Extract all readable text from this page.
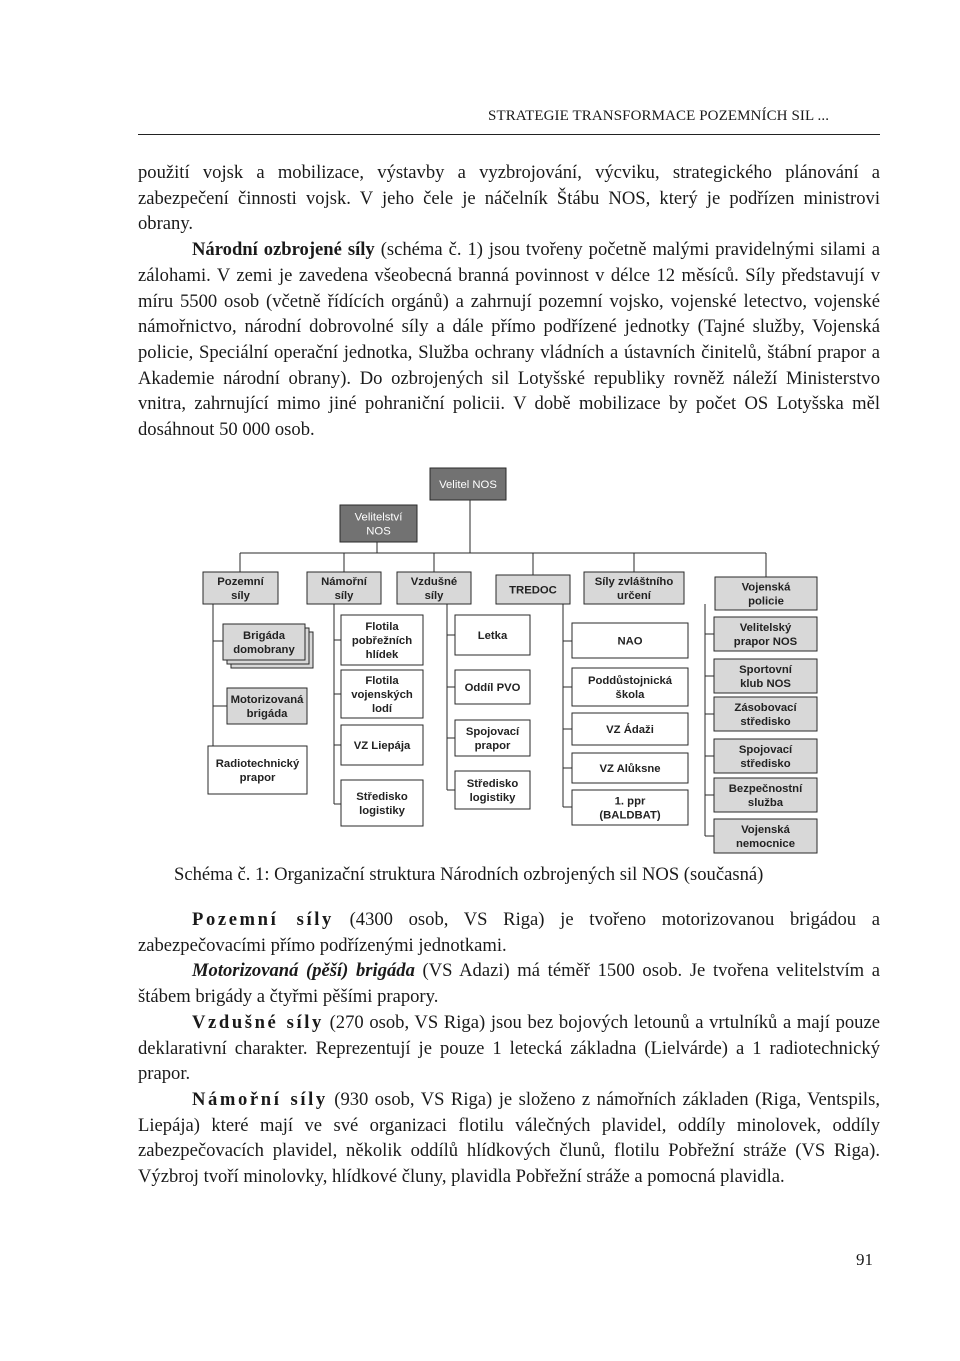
STRATEGIE TRANSFORMACE POZEMNÍCH SIL ...

použití vojsk a mobilizace, výstavby a vyzbrojování, výcviku, strategického plánování a zabezpečení činnosti vojsk. V jeho čele je náčelník Štábu NOS, který je podřízen ministrovi obrany.

Národní ozbrojené síly (schéma č. 1) jsou tvořeny početně malými pravidelnými silami a zálohami. V zemi je zavedena všeobecná branná povinnost v délce 12 měsíců. Síly představují v míru 5500 osob (včetně řídících orgánů) a zahrnují pozemní vojsko, vojenské letectvo, vojenské námořnictvo, národní dobrovolné síly a dále přímo podřízené jednotky (Tajné služby, Vojenská policie, Speciální operační jednotka, Služba ochrany vládních a ústavních činitelů, štábní prapor a Akademie národní obrany). Do ozbrojených sil Lotyšské republiky rovněž náleží Ministerstvo vnitra, zahrnující mimo jiné pohraniční policii. V době mobilizace by počet OS Lotyšska měl dosáhnout 50 000 osob.

Velitel NOS
Velitelství
NOS
Pozemní
síly
Námořní
síly
Vzdušné
síly	TREDOC
Síly zvláštního
určení
Vojenská
policie
Brigáda
domobrany
Motorizovaná
brigáda
Radiotechnický
prapor
Flotila
pobřežních
hlídek
Flotila
vojenských
lodí
VZ Liepája
Středisko
logistiky
Letka
Oddíl PVO
Spojovací
prapor
Středisko
logistiky
NAO
Poddůstojnická
škola
VZ Ádaži
VZ Alůksne
1. ppr
(BALDBAT)
Velitelský
prapor NOS
Sportovní
klub NOS
Zásobovací
středisko
Spojovací
středisko
Bezpečnostní
služba
Vojenská
nemocnice
Schéma č. 1: Organizační struktura Národních ozbrojených sil NOS (současná)

Pozemní síly (4300 osob, VS Riga) je tvořeno motorizovanou brigádou a zabezpečovacími přímo podřízenými jednotkami.

Motorizovaná (pěší) brigáda (VS Adazi) má téměř 1500 osob. Je tvořena velitelstvím a štábem brigády a čtyřmi pěšími prapory.

Vzdušné síly (270 osob, VS Riga) jsou bez bojových letounů a vrtulníků a mají pouze deklarativní charakter. Reprezentují je pouze 1 letecká základna (Lielvárde) a 1 radiotechnický prapor.

Námořní síly (930 osob, VS Riga) je složeno z námořních základen (Riga, Ventspils, Liepája) které mají ve své organizaci flotilu válečných plavidel, oddíly minolovek, oddíly zabezpečovacích plavidel, několik oddílů hlídkových člunů, flotilu Pobřežní stráže (VS Riga). Výzbroj tvoří minolovky, hlídkové čluny, plavidla Pobřežní stráže a pomocná plavidla.

91
